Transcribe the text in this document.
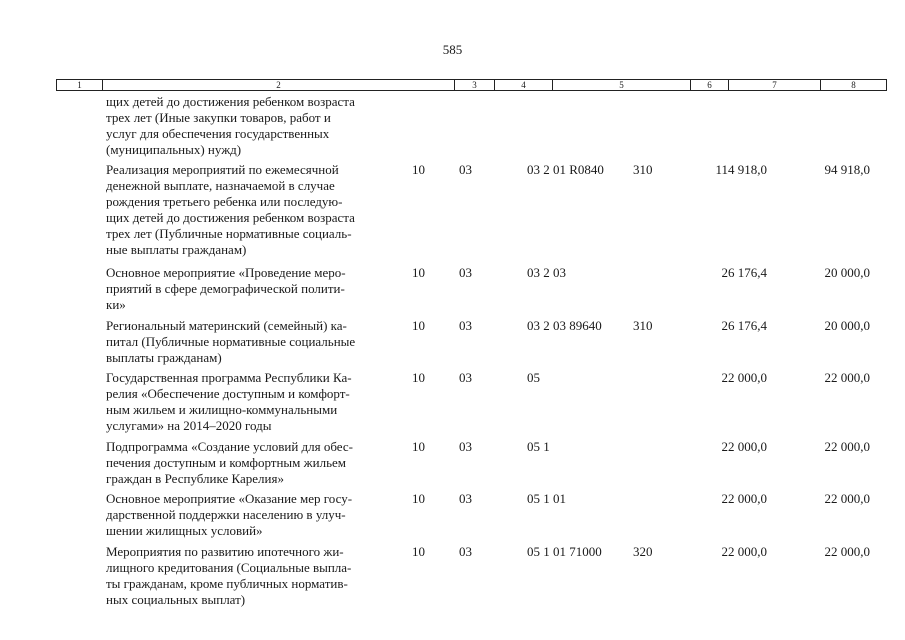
585
1	2	3	4	5	6	7	8
щих детей до достижения ребенком возраста
трех лет (Иные закупки товаров, работ и
услуг для обеспечения государственных
(муниципальных) нужд)
Реализация мероприятий по ежемесячной
денежной выплате, назначаемой в случае
рождения третьего ребенка или последую-
щих детей до достижения ребенком возраста
трех лет (Публичные нормативные социаль-
ные выплаты гражданам)
10	03	03 2 01 R0840 310	114 918,0	94 918,0
Основное мероприятие «Проведение меро-
приятий в сфере демографической полити-
ки»
10	03	03 2 03	26 176,4	20 000,0
Региональный материнский (семейный) ка-
питал (Публичные нормативные социальные
выплаты гражданам)
10	03	03 2 03 89640 310	26 176,4	20 000,0
Государственная программа Республики Ка-
релия «Обеспечение доступным и комфорт-
ным жильем и жилищно-коммунальными
услугами» на 2014–2020 годы
10	03	05	22 000,0	22 000,0
Подпрограмма «Создание условий для обес-
печения доступным и комфортным жильем
граждан в Республике Карелия»
10	03	05 1	22 000,0	22 000,0
Основное мероприятие «Оказание мер госу-
дарственной поддержки населению в улуч-
шении жилищных условий»
10	03	05 1 01	22 000,0	22 000,0
Мероприятия по развитию ипотечного жи-
лищного кредитования (Социальные выпла-
ты гражданам, кроме публичных норматив-
ных социальных выплат)
10	03	05 1 01 71000 320	22 000,0	22 000,0
